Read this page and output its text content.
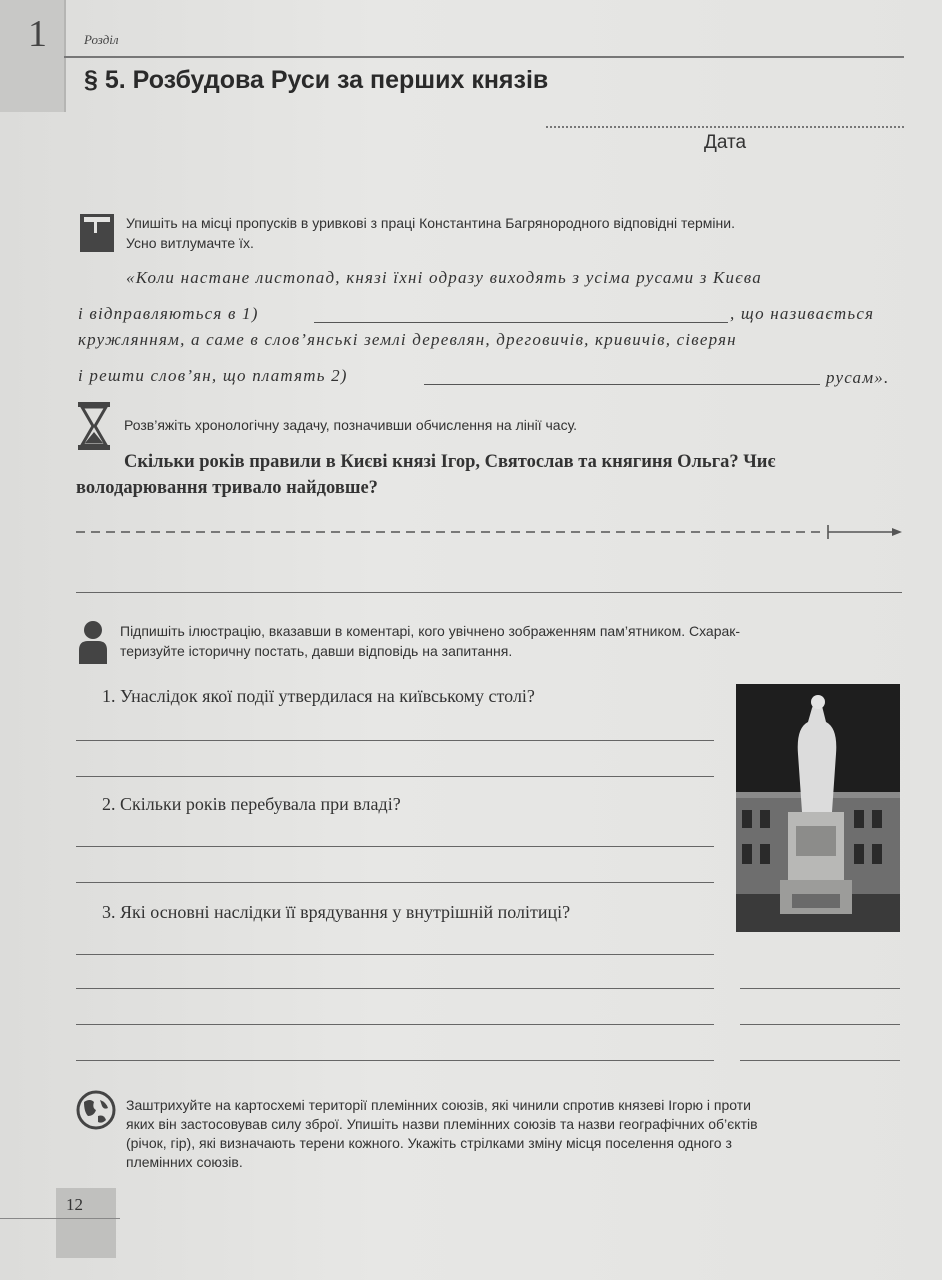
1	Розділ
§ 5. Розбудова Руси за перших князів
Дата
Упишіть на місці пропусків в уривкові з праці Константина Багрянородного відповідні терміни.
Усно витлумачте їх.
«Коли настане листопад, князі їхні одразу виходять з усіма русами з Києва
і відправляються в 1)	, що називається
кружлянням, а саме в слов’янські землі деревлян, дреговичів, кривичів, сіверян
і решти слов’ян, що платять 2)	русам».
Розв’яжіть хронологічну задачу, позначивши обчислення на лінії часу.
Скільки років правили в Києві князі Ігор, Святослав та княгиня Ольга? Чиє
володарювання тривало найдовше?
Підпишіть ілюстрацію, вказавши в коментарі, кого увічнено зображенням пам’ятником. Схарак-
теризуйте історичну постать, давши відповідь на запитання.
1. Унаслідок якої події утвердилася на київському столі?
2. Скільки років перебувала при владі?
3. Які основні наслідки її врядування у внутрішній політиці?
Заштрихуйте на картосхемі території племінних союзів, які чинили спротив князеві Ігорю і проти
яких він застосовував силу зброї. Упишіть назви племінних союзів та назви географічних об’єктів
(річок, гір), які визначають терени кожного. Укажіть стрілками зміну місця поселення одного з
племінних союзів.
12
